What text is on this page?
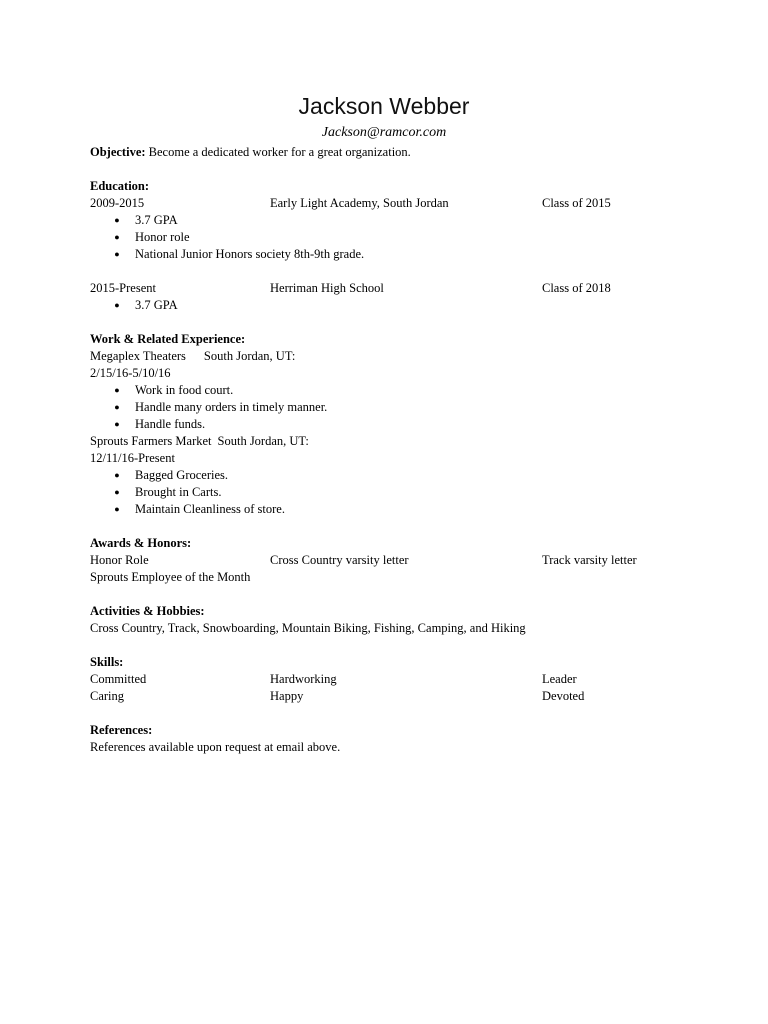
Jackson Webber
Jackson@ramcor.com
Objective: Become a dedicated worker for a great organization.
Education:
2009-2015	Early Light Academy, South Jordan	Class of 2015
● 3.7 GPA
● Honor role
● National Junior Honors society 8th-9th grade.
2015-Present	Herriman High School	Class of 2018
● 3.7 GPA
Work & Related Experience:
Megaplex Theaters South Jordan, UT:
2/15/16-5/10/16
● Work in food court.
● Handle many orders in timely manner.
● Handle funds.
Sprouts Farmers Market South Jordan, UT:
12/11/16-Present
● Bagged Groceries.
● Brought in Carts.
● Maintain Cleanliness of store.
Awards & Honors:
Honor Role	Cross Country varsity letter	Track varsity letter
Sprouts Employee of the Month
Activities & Hobbies:
Cross Country, Track, Snowboarding, Mountain Biking, Fishing, Camping, and Hiking
Skills:
Committed	Hardworking	Leader
Caring	Happy	Devoted
References:
References available upon request at email above.
